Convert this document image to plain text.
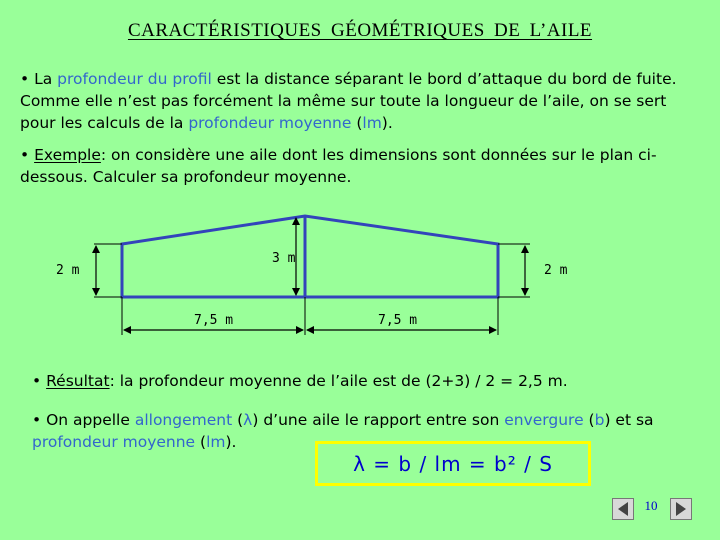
CARACTÉRISTIQUES GÉOMÉTRIQUES DE L’AILE
• La profondeur du profil est la distance séparant le bord d’attaque du bord de fuite. Comme elle n’est pas forcément la même sur toute la longueur de l’aile, on se sert pour les calculs de la profondeur moyenne (lm).
• Exemple: on considère une aile dont les dimensions sont données sur le plan ci-dessous. Calculer sa profondeur moyenne.
2 m
3 m
2 m
7,5 m	7,5 m
• Résultat: la profondeur moyenne de l’aile est de (2+3) / 2 = 2,5 m.
• On appelle allongement (λ) d’une aile le rapport entre son envergure (b) et sa profondeur moyenne (lm).
λ = b / lm = b² / S
10
